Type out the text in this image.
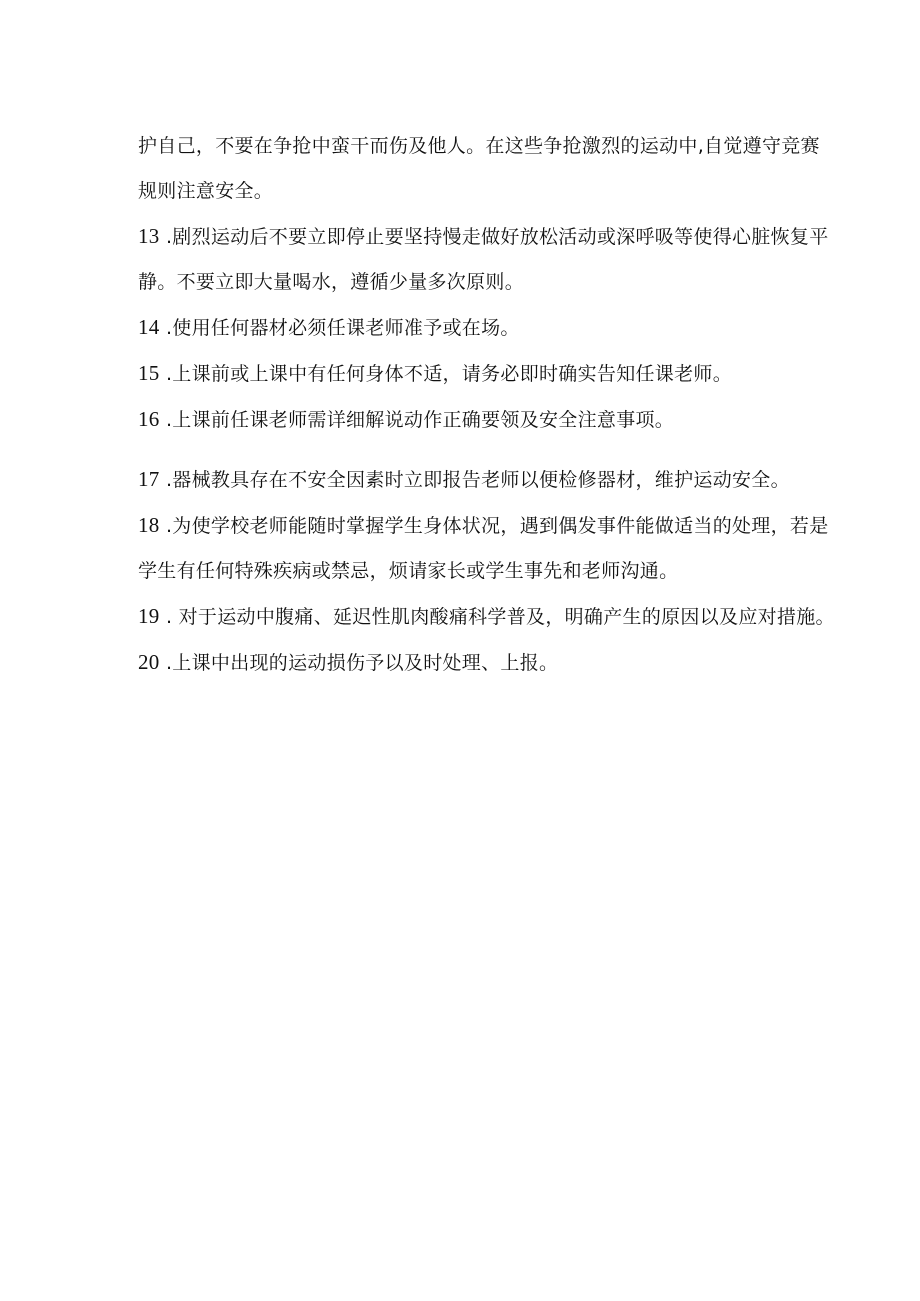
护自己，不要在争抢中蛮干而伤及他人。在这些争抢激烈的运动中,自觉遵守竞赛规则注意安全。

13 .剧烈运动后不要立即停止要坚持慢走做好放松活动或深呼吸等使得心脏恢复平静。不要立即大量喝水，遵循少量多次原则。

14 .使用任何器材必须任课老师准予或在场。

15 .上课前或上课中有任何身体不适，请务必即时确实告知任课老师。

16 .上课前任课老师需详细解说动作正确要领及安全注意事项。

17 .器械教具存在不安全因素时立即报告老师以便检修器材，维护运动安全。

18 .为使学校老师能随时掌握学生身体状况，遇到偶发事件能做适当的处理，若是学生有任何特殊疾病或禁忌，烦请家长或学生事先和老师沟通。

19 . 对于运动中腹痛、延迟性肌肉酸痛科学普及，明确产生的原因以及应对措施。

20 .上课中出现的运动损伤予以及时处理、上报。
